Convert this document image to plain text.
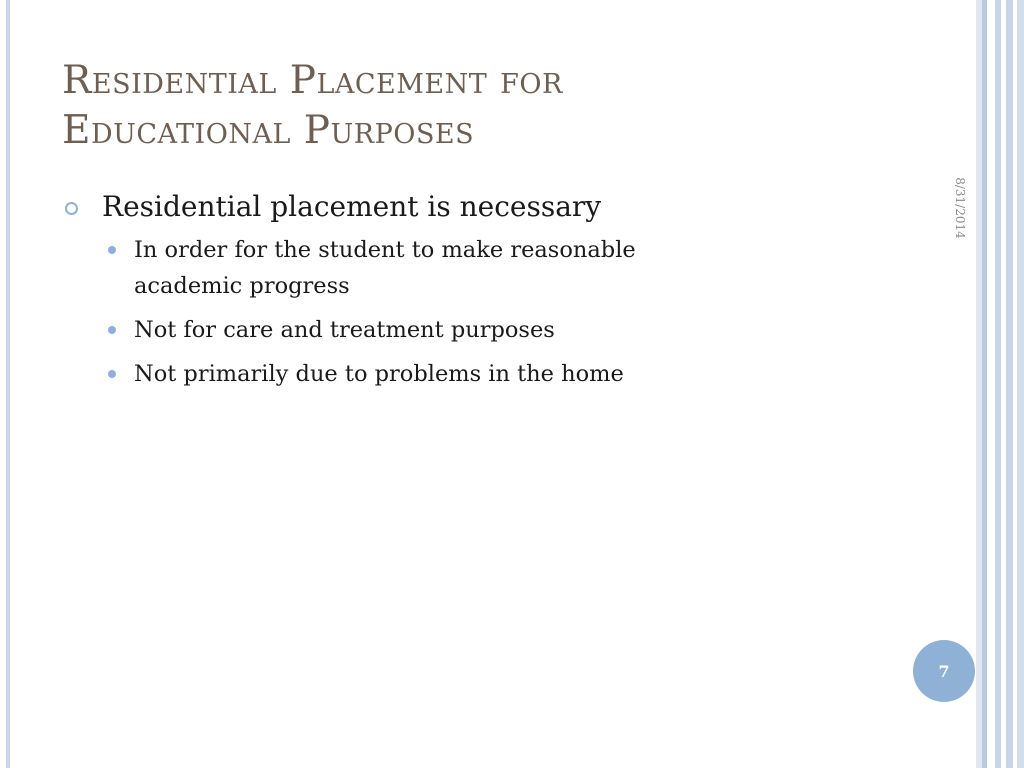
Residential Placement for
Educational Purposes
8/31/2014
Residential placement is necessary
In order for the student to make reasonable
academic progress
Not for care and treatment purposes
Not primarily due to problems in the home
7
